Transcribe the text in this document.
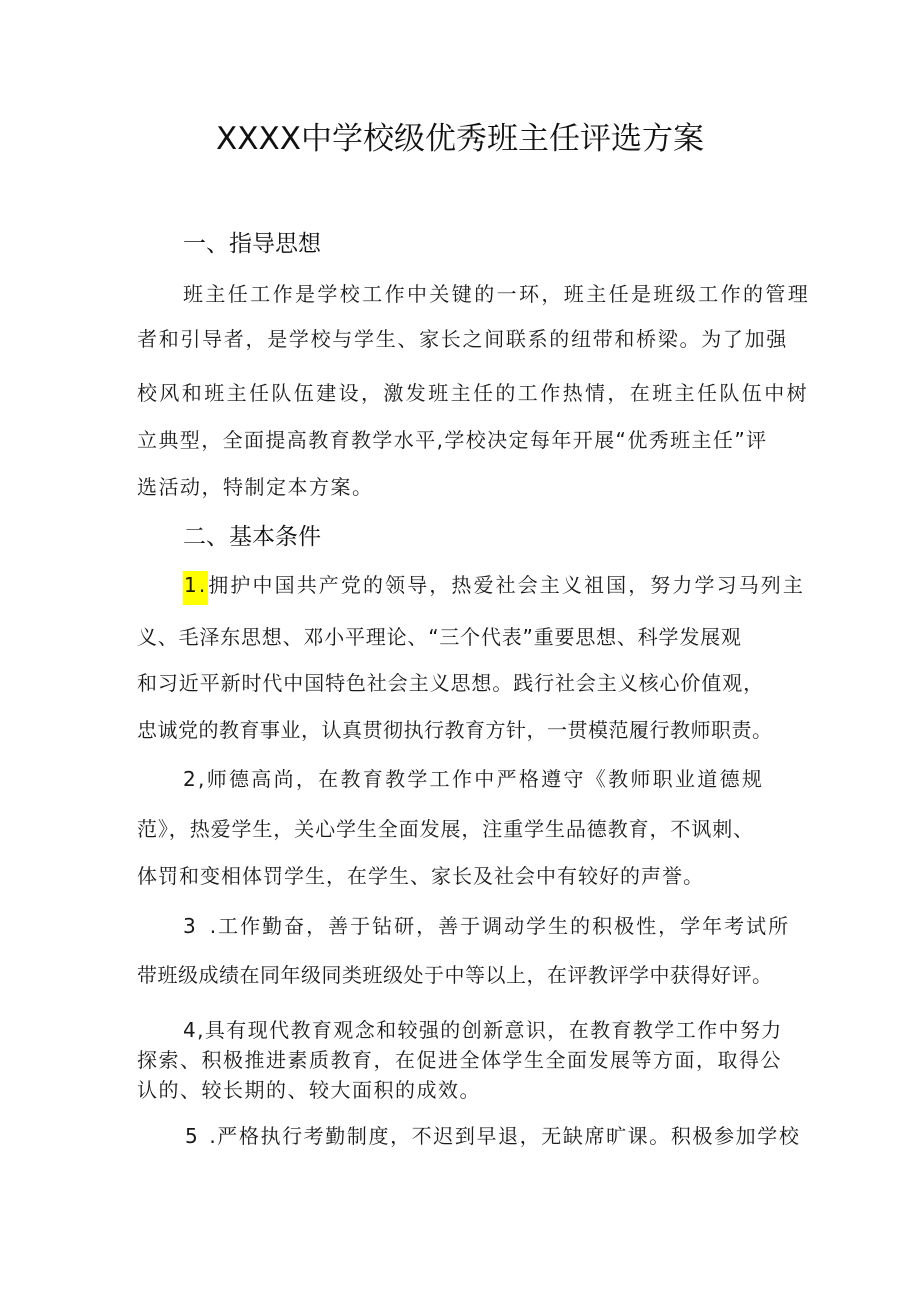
XXXX中学校级优秀班主任评选方案
一、指导思想
班主任工作是学校工作中关键的一环，班主任是班级工作的管理
者和引导者，是学校与学生、家长之间联系的纽带和桥梁。为了加强
校风和班主任队伍建设，激发班主任的工作热情，在班主任队伍中树
立典型，全面提高教育教学水平,学校决定每年开展“优秀班主任”评
选活动，特制定本方案。
二、基本条件
1.拥护中国共产党的领导，热爱社会主义祖国，努力学习马列主
义、毛泽东思想、邓小平理论、“三个代表”重要思想、科学发展观
和习近平新时代中国特色社会主义思想。践行社会主义核心价值观，
忠诚党的教育事业，认真贯彻执行教育方针，一贯模范履行教师职责。
2,师德高尚，在教育教学工作中严格遵守《教师职业道德规
范》，热爱学生，关心学生全面发展，注重学生品德教育，不讽刺、
体罚和变相体罚学生，在学生、家长及社会中有较好的声誉。
3 .工作勤奋，善于钻研，善于调动学生的积极性，学年考试所
带班级成绩在同年级同类班级处于中等以上，在评教评学中获得好评。
4,具有现代教育观念和较强的创新意识，在教育教学工作中努力
探索、积极推进素质教育，在促进全体学生全面发展等方面，取得公
认的、较长期的、较大面积的成效。
5 .严格执行考勤制度，不迟到早退，无缺席旷课。积极参加学校
